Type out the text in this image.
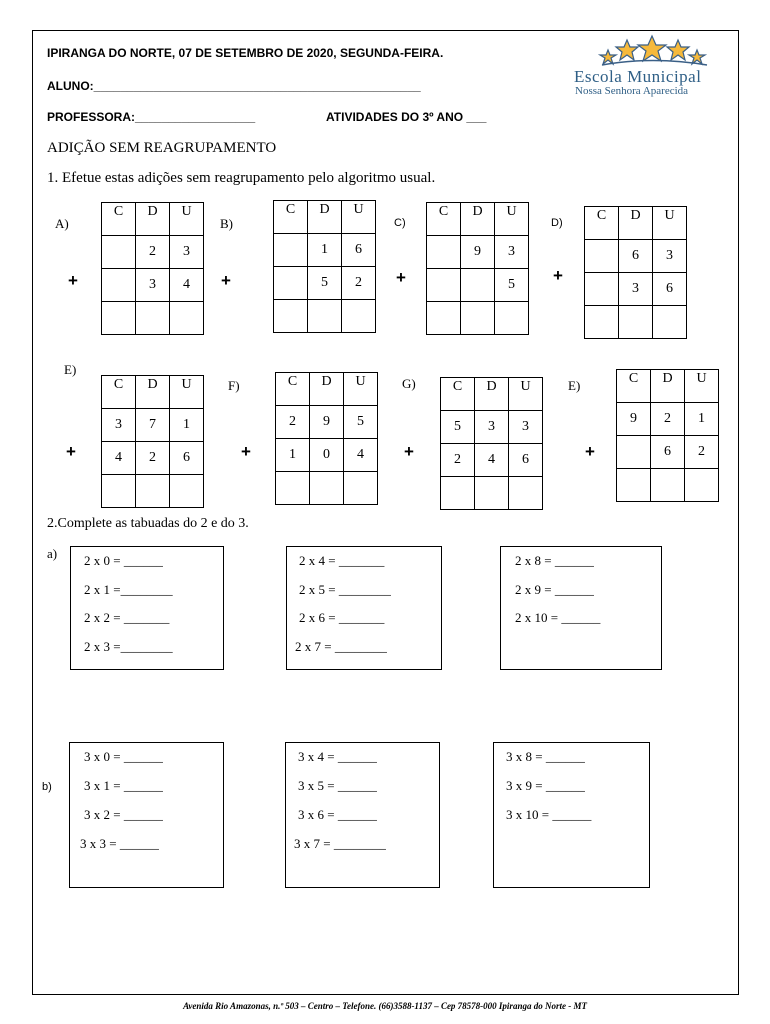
IPIRANGA DO NORTE, 07 DE SETEMBRO DE 2020, SEGUNDA-FEIRA.
ALUNO:_________________________________________________
PROFESSORA:__________________	ATIVIDADES DO 3º ANO ___
Escola Municipal
Nossa Senhora Aparecida
ADIÇÃO SEM REAGRUPAMENTO
1. Efetue estas adições sem reagrupamento pelo algoritmo usual.
A)
+
C	D	U
	2	3
	3	4

B)
+
C	D	U
	1	6
	5	2

C)
+
C	D	U
	9	3
		5

D)
+
C	D	U
	6	3
	3	6

E)
+
C	D	U
3	7	1
4	2	6

F)
+
C	D	U
2	9	5
1	0	4

G)
+
C	D	U
5	3	3
2	4	6

E)
+
C	D	U
9	2	1
	6	2

2.Complete as tabuadas do 2 e do 3.
a) 2 x 0 = ______
2 x 1 =________
2 x 2 = _______
2 x 3 =________
2 x 4 = _______
2 x 5 = ________
2 x 6 = _______
2 x 7 = ________
2 x 8 = ______
2 x 9 = ______
2 x 10 = ______
b)
3 x 0 = ______
3 x 1 = ______
3 x 2 = ______
3 x 3 = ______
3 x 4 = ______
3 x 5 = ______
3 x 6 = ______
3 x 7 = ________
3 x 8 = ______
3 x 9 = ______
3 x 10 = ______
Avenida Rio Amazonas, n.º 503 – Centro – Telefone. (66)3588-1137 – Cep 78578-000 Ipiranga do Norte - MT
